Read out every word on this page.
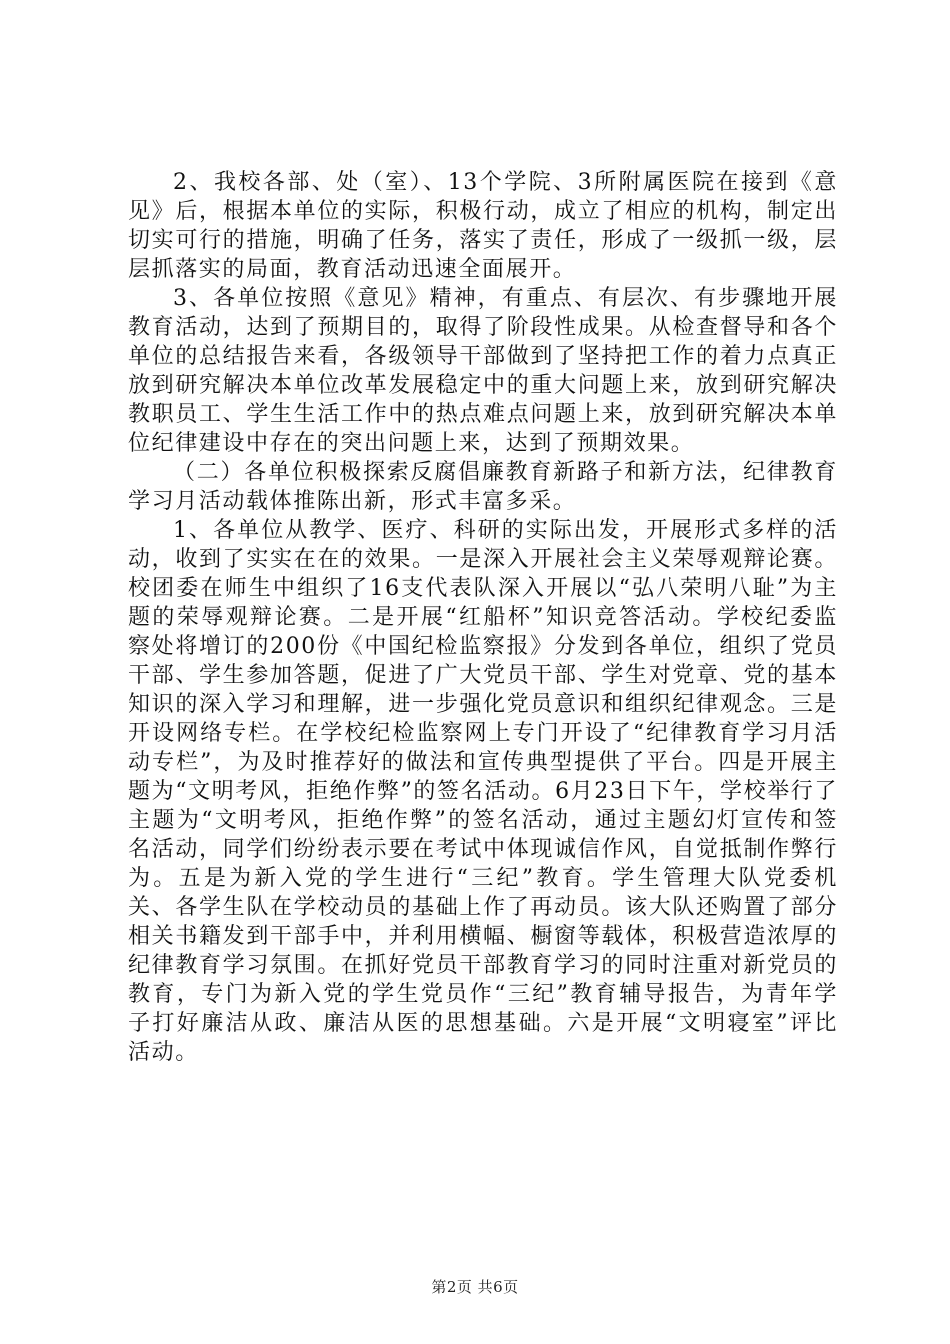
2、我校各部、处（室）、13个学院、3所附属医院在接到《意见》后，根据本单位的实际，积极行动，成立了相应的机构，制定出切实可行的措施，明确了任务，落实了责任，形成了一级抓一级，层层抓落实的局面，教育活动迅速全面展开。

3、各单位按照《意见》精神，有重点、有层次、有步骤地开展教育活动，达到了预期目的，取得了阶段性成果。从检查督导和各个单位的总结报告来看，各级领导干部做到了坚持把工作的着力点真正放到研究解决本单位改革发展稳定中的重大问题上来，放到研究解决教职员工、学生生活工作中的热点难点问题上来，放到研究解决本单位纪律建设中存在的突出问题上来，达到了预期效果。

（二）各单位积极探索反腐倡廉教育新路子和新方法，纪律教育学习月活动载体推陈出新，形式丰富多采。

1、各单位从教学、医疗、科研的实际出发，开展形式多样的活动，收到了实实在在的效果。一是深入开展社会主义荣辱观辩论赛。校团委在师生中组织了16支代表队深入开展以“弘八荣明八耻”为主题的荣辱观辩论赛。二是开展“红船杯”知识竞答活动。学校纪委监察处将增订的200份《中国纪检监察报》分发到各单位，组织了党员干部、学生参加答题，促进了广大党员干部、学生对党章、党的基本知识的深入学习和理解，进一步强化党员意识和组织纪律观念。三是开设网络专栏。在学校纪检监察网上专门开设了“纪律教育学习月活动专栏”，为及时推荐好的做法和宣传典型提供了平台。四是开展主题为“文明考风，拒绝作弊”的签名活动。6月23日下午，学校举行了主题为“文明考风，拒绝作弊”的签名活动，通过主题幻灯宣传和签名活动，同学们纷纷表示要在考试中体现诚信作风，自觉抵制作弊行为。五是为新入党的学生进行“三纪”教育。学生管理大队党委机关、各学生队在学校动员的基础上作了再动员。该大队还购置了部分相关书籍发到干部手中，并利用横幅、橱窗等载体，积极营造浓厚的纪律教育学习氛围。在抓好党员干部教育学习的同时注重对新党员的教育，专门为新入党的学生党员作“三纪”教育辅导报告，为青年学子打好廉洁从政、廉洁从医的思想基础。六是开展“文明寝室”评比活动。

第2页 共6页
